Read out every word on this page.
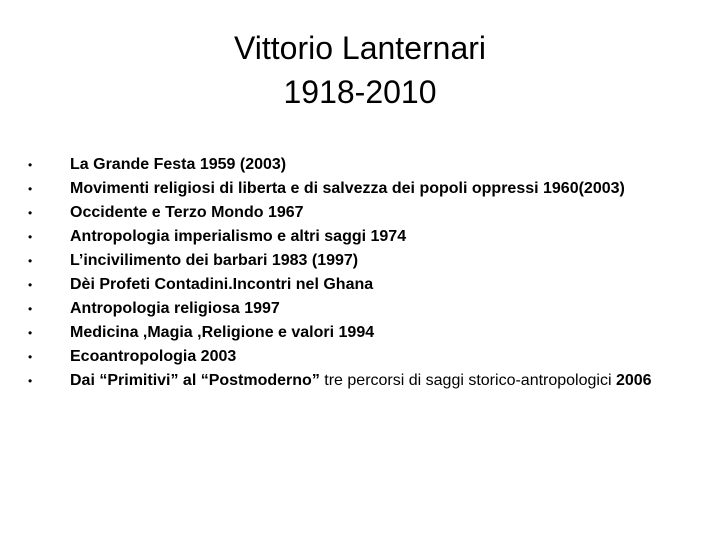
Vittorio Lanternari
1918-2010
•	La Grande Festa 1959 (2003)
•	Movimenti religiosi di liberta e di salvezza dei popoli oppressi 1960(2003)
•	Occidente e Terzo Mondo 1967
•	Antropologia imperialismo e altri saggi 1974
•	L’incivilimento dei barbari 1983 (1997)
•	Dèi Profeti Contadini.Incontri nel Ghana
•	Antropologia religiosa 1997
•	Medicina ,Magia ,Religione e valori 1994
•	Ecoantropologia 2003
•	Dai “Primitivi” al “Postmoderno” tre percorsi di saggi storico-antropologici 2006
